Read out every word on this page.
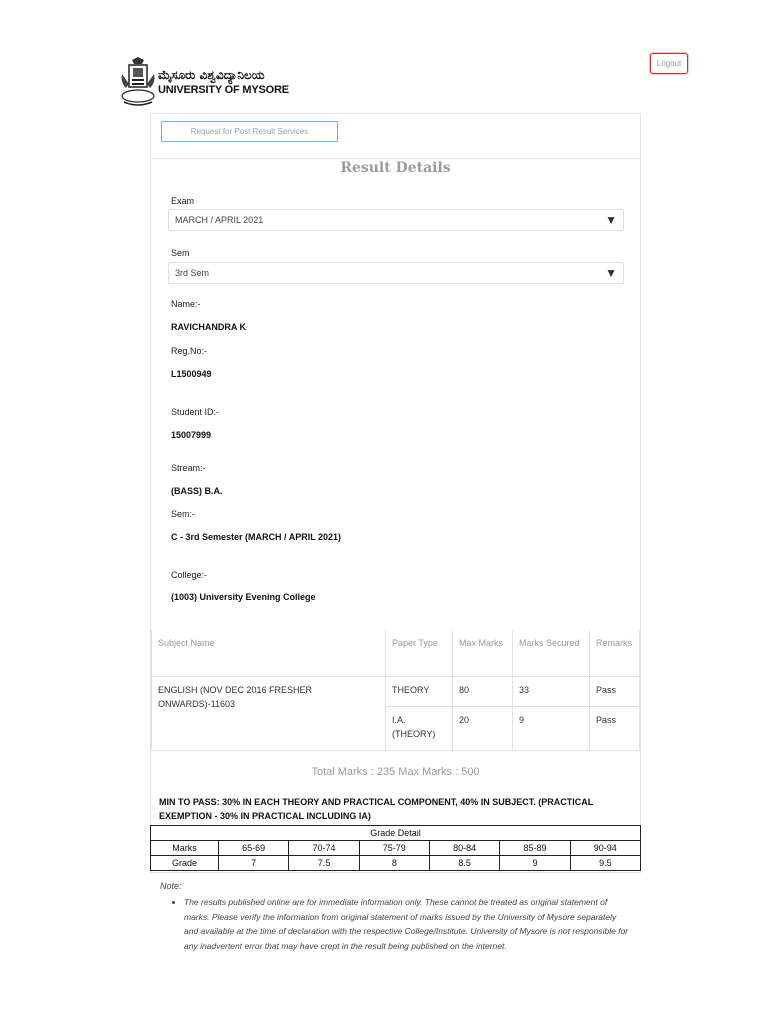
Logout
ಮೈಸೂರು ವಿಶ್ವವಿದ್ಯಾನಿಲಯ
UNIVERSITY OF MYSORE
Request for Post Result Services
Result Details
Exam
MARCH / APRIL 2021	▼
Sem
3rd Sem	▼
Name:-
RAVICHANDRA K
Reg.No:-
L1500949
Student ID:-
15007999
Stream:-
(BASS) B.A.
Sem:-
C - 3rd Semester (MARCH / APRIL 2021)
College:-
(1003) University Evening College
Subject Name	Paper Type	Max Marks	Marks Secured	Remarks
ENGLISH (NOV DEC 2016 FRESHER ONWARDS)-11603	THEORY	80	33	Pass
	I.A. (THEORY)	20	9	Pass
Total Marks : 235 Max Marks : 500
MIN TO PASS: 30% IN EACH THEORY AND PRACTICAL COMPONENT, 40% IN SUBJECT. (PRACTICAL EXEMPTION - 30% IN PRACTICAL INCLUDING IA)
Grade Detail						
Marks	65-69	70-74	75-79	80-84	85-89	90-94
Grade	7	7.5	8	8.5	9	9.5
Note:
• The results published online are for immediate information only. These cannot be treated as original statement of marks. Please verify the information from original statement of marks issued by the University of Mysore separately and available at the time of declaration with the respective College/Institute. University of Mysore is not responsible for any inadvertent error that may have crept in the result being published on the internet.
